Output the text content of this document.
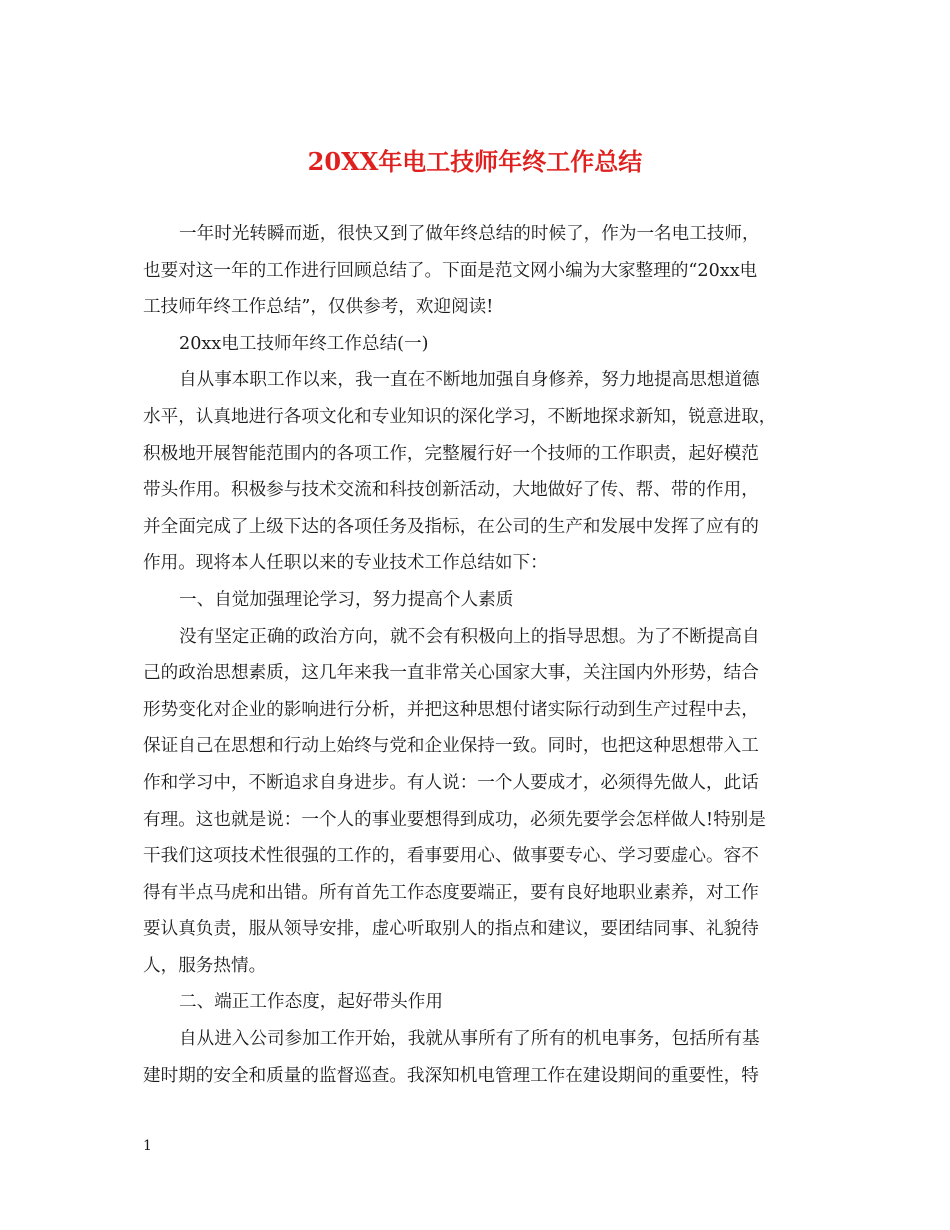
20XX年电工技师年终工作总结
一年时光转瞬而逝，很快又到了做年终总结的时候了，作为一名电工技师，
也要对这一年的工作进行回顾总结了。下面是范文网小编为大家整理的“20xx电
工技师年终工作总结”，仅供参考，欢迎阅读!
20xx电工技师年终工作总结(一)
自从事本职工作以来，我一直在不断地加强自身修养，努力地提高思想道德
水平，认真地进行各项文化和专业知识的深化学习，不断地探求新知，锐意进取，
积极地开展智能范围内的各项工作，完整履行好一个技师的工作职责，起好模范
带头作用。积极参与技术交流和科技创新活动，大地做好了传、帮、带的作用，
并全面完成了上级下达的各项任务及指标，在公司的生产和发展中发挥了应有的
作用。现将本人任职以来的专业技术工作总结如下：
一、自觉加强理论学习，努力提高个人素质
没有坚定正确的政治方向，就不会有积极向上的指导思想。为了不断提高自
己的政治思想素质，这几年来我一直非常关心国家大事，关注国内外形势，结合
形势变化对企业的影响进行分析，并把这种思想付诸实际行动到生产过程中去，
保证自己在思想和行动上始终与党和企业保持一致。同时，也把这种思想带入工
作和学习中，不断追求自身进步。有人说：一个人要成才，必须得先做人，此话
有理。这也就是说：一个人的事业要想得到成功，必须先要学会怎样做人!特别是
干我们这项技术性很强的工作的，看事要用心、做事要专心、学习要虚心。容不
得有半点马虎和出错。所有首先工作态度要端正，要有良好地职业素养，对工作
要认真负责，服从领导安排，虚心听取别人的指点和建议，要团结同事、礼貌待
人，服务热情。
二、端正工作态度，起好带头作用
自从进入公司参加工作开始，我就从事所有了所有的机电事务，包括所有基
建时期的安全和质量的监督巡查。我深知机电管理工作在建设期间的重要性，特
1
